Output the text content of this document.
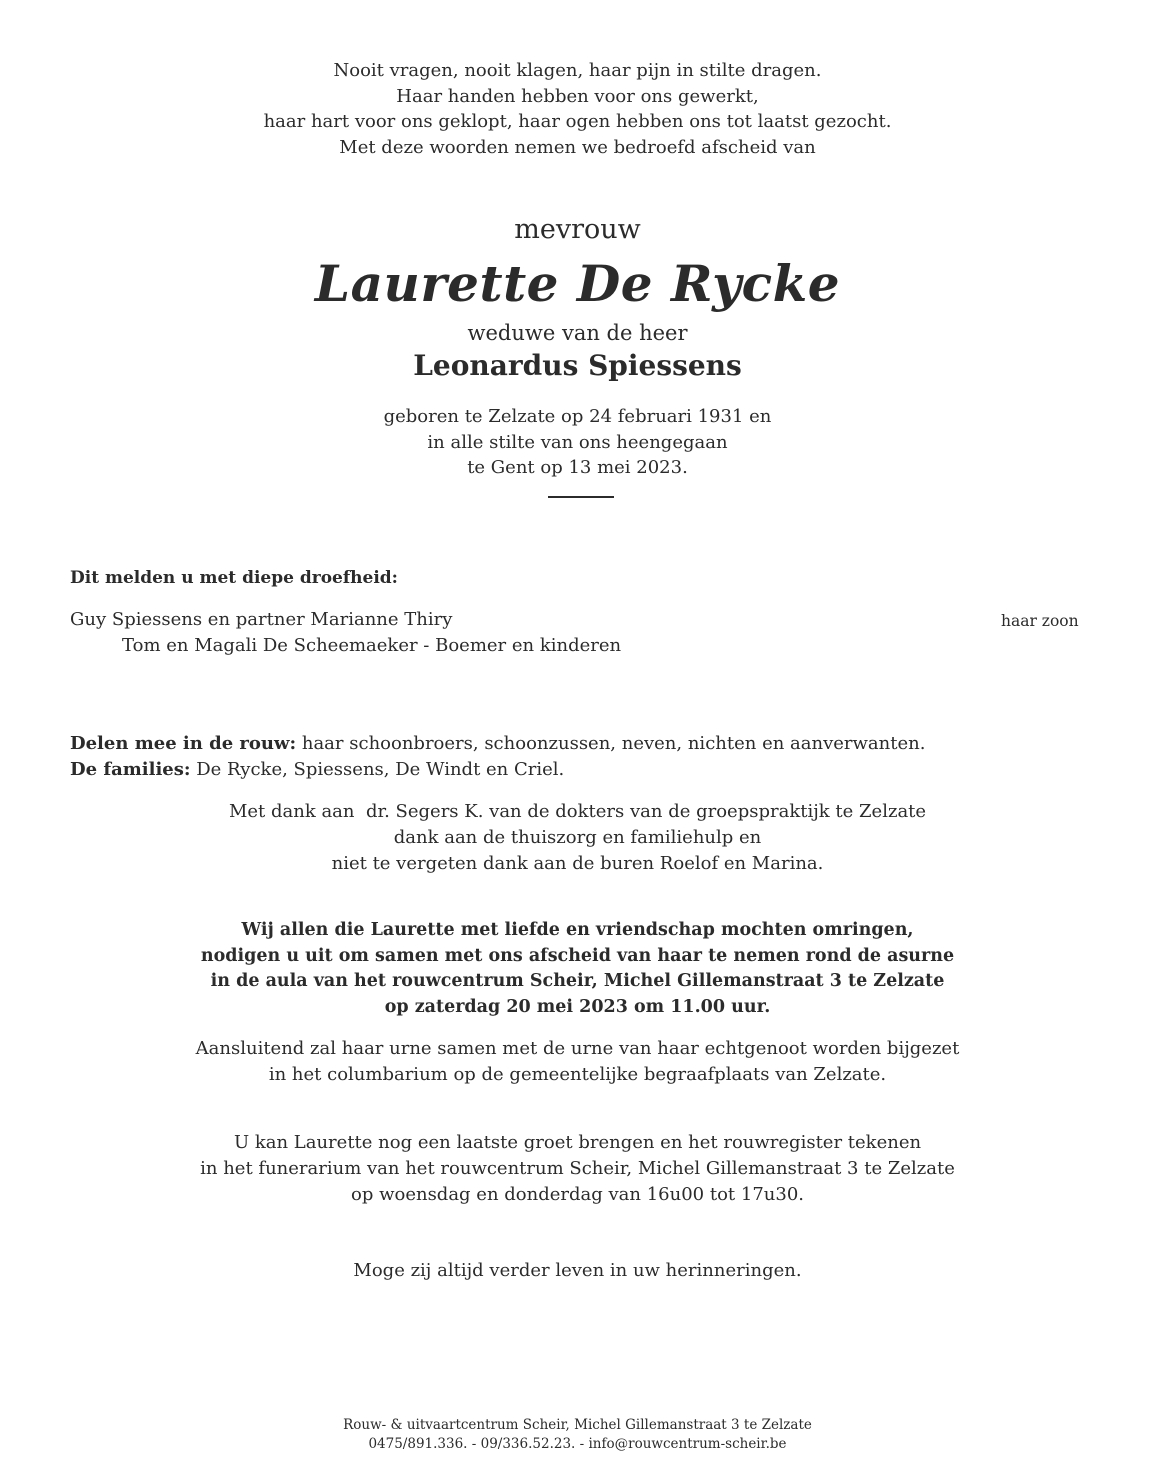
Nooit vragen, nooit klagen, haar pijn in stilte dragen.
Haar handen hebben voor ons gewerkt,
haar hart voor ons geklopt, haar ogen hebben ons tot laatst gezocht.
Met deze woorden nemen we bedroefd afscheid van
mevrouw
Laurette De Rycke
weduwe van de heer
Leonardus Spiessens
geboren te Zelzate op 24 februari 1931 en
in alle stilte van ons heengegaan
te Gent op 13 mei 2023.
Dit melden u met diepe droefheid:
Guy Spiessens en partner Marianne Thiry	haar zoon
Tom en Magali De Scheemaeker - Boemer en kinderen
Delen mee in de rouw: haar schoonbroers, schoonzussen, neven, nichten en aanverwanten.
De families: De Rycke, Spiessens, De Windt en Criel.
Met dank aan  dr. Segers K. van de dokters van de groepspraktijk te Zelzate
dank aan de thuiszorg en familiehulp en
niet te vergeten dank aan de buren Roelof en Marina.
Wij allen die Laurette met liefde en vriendschap mochten omringen,
nodigen u uit om samen met ons afscheid van haar te nemen rond de asurne
in de aula van het rouwcentrum Scheir, Michel Gillemanstraat 3 te Zelzate
op zaterdag 20 mei 2023 om 11.00 uur.
Aansluitend zal haar urne samen met de urne van haar echtgenoot worden bijgezet
in het columbarium op de gemeentelijke begraafplaats van Zelzate.
U kan Laurette nog een laatste groet brengen en het rouwregister tekenen
in het funerarium van het rouwcentrum Scheir, Michel Gillemanstraat 3 te Zelzate
op woensdag en donderdag van 16u00 tot 17u30.
Moge zij altijd verder leven in uw herinneringen.
Rouw- & uitvaartcentrum Scheir, Michel Gillemanstraat 3 te Zelzate
0475/891.336. - 09/336.52.23. - info@rouwcentrum-scheir.be
